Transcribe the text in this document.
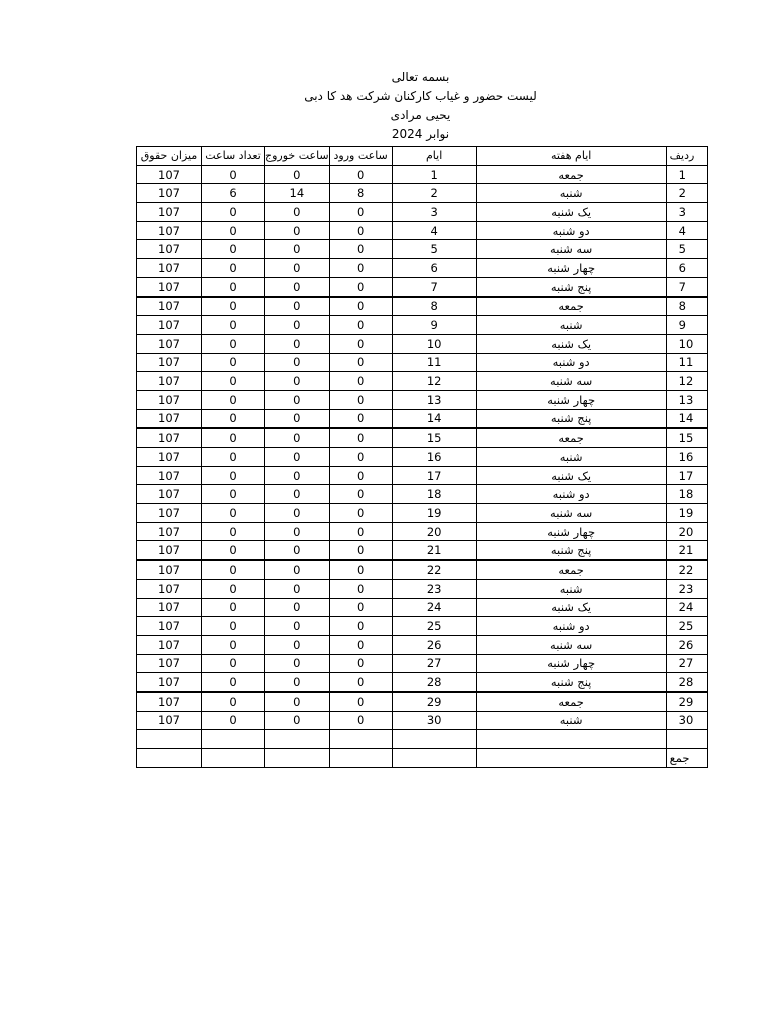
بسمه تعالی
لیست حضور و غیاب کارکنان شرکت هد کا دبی
یحیی مرادی
نوابر 2024
میزان حقوق	تعداد ساعت	ساعت خوروج	ساعت ورود	ایام	ایام هفته	ردیف
107	0	0	0	1	جمعه	1
107	6	14	8	2	شنبه	2
107	0	0	0	3	یک شنبه	3
107	0	0	0	4	دو شنبه	4
107	0	0	0	5	سه شنبه	5
107	0	0	0	6	چهار شنبه	6
107	0	0	0	7	پنج شنبه	7
107	0	0	0	8	جمعه	8
107	0	0	0	9	شنبه	9
107	0	0	0	10	یک شنبه	10
107	0	0	0	11	دو شنبه	11
107	0	0	0	12	سه شنبه	12
107	0	0	0	13	چهار شنبه	13
107	0	0	0	14	پنج شنبه	14
107	0	0	0	15	جمعه	15
107	0	0	0	16	شنبه	16
107	0	0	0	17	یک شنبه	17
107	0	0	0	18	دو شنبه	18
107	0	0	0	19	سه شنبه	19
107	0	0	0	20	چهار شنبه	20
107	0	0	0	21	پنج شنبه	21
107	0	0	0	22	جمعه	22
107	0	0	0	23	شنبه	23
107	0	0	0	24	یک شنبه	24
107	0	0	0	25	دو شنبه	25
107	0	0	0	26	سه شنبه	26
107	0	0	0	27	چهار شنبه	27
107	0	0	0	28	پنج شنبه	28
107	0	0	0	29	جمعه	29
107	0	0	0	30	شنبه	30

						جمع
